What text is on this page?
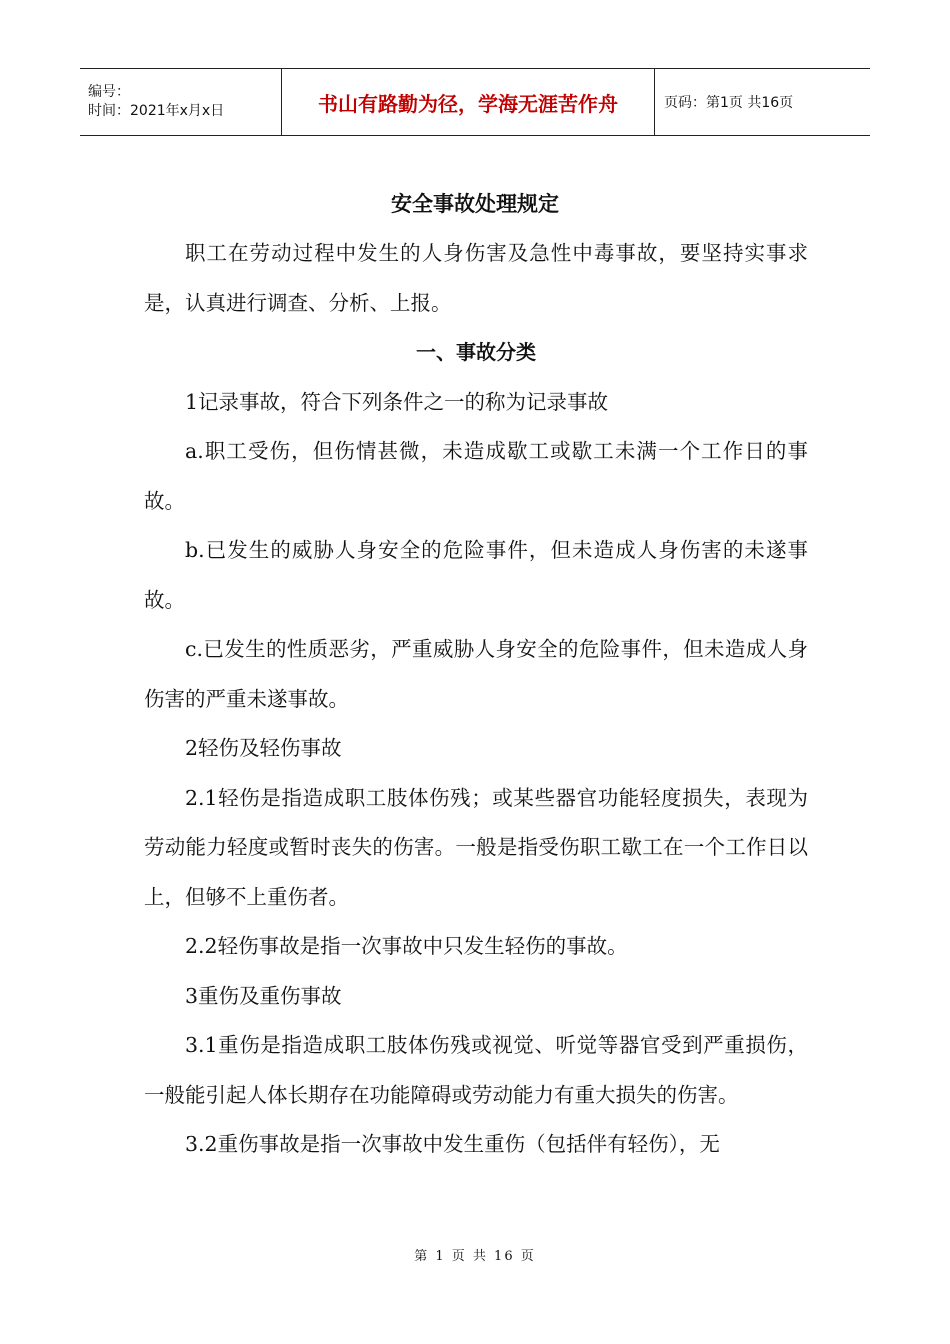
编号：
时间：2021年x月x日	书山有路勤为径，学海无涯苦作舟	页码：第1页 共16页
安全事故处理规定

职工在劳动过程中发生的人身伤害及急性中毒事故，要坚持实事求是，认真进行调查、分析、上报。

一、事故分类

1记录事故，符合下列条件之一的称为记录事故

a.职工受伤，但伤情甚微，未造成歇工或歇工未满一个工作日的事故。

b.已发生的威胁人身安全的危险事件，但未造成人身伤害的未遂事故。

c.已发生的性质恶劣，严重威胁人身安全的危险事件，但未造成人身伤害的严重未遂事故。

2轻伤及轻伤事故

2.1轻伤是指造成职工肢体伤残；或某些器官功能轻度损失，表现为劳动能力轻度或暂时丧失的伤害。一般是指受伤职工歇工在一个工作日以上，但够不上重伤者。

2.2轻伤事故是指一次事故中只发生轻伤的事故。

3重伤及重伤事故

3.1重伤是指造成职工肢体伤残或视觉、听觉等器官受到严重损伤，一般能引起人体长期存在功能障碍或劳动能力有重大损失的伤害。

3.2重伤事故是指一次事故中发生重伤（包括伴有轻伤），无

第 1 页 共 16 页
